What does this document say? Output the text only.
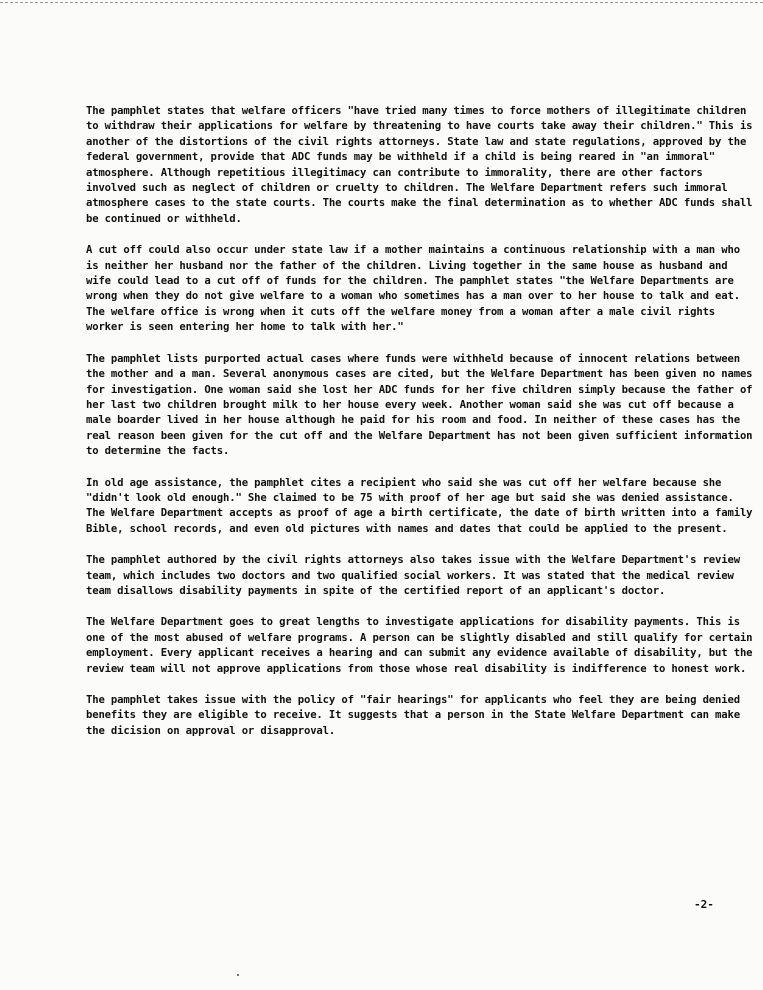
The pamphlet states that welfare officers "have tried many times to force mothers of illegitimate children to withdraw their applications for welfare by threatening to have courts take away their children." This is another of the distortions of the civil rights attorneys. State law and state regulations, approved by the federal government, provide that ADC funds may be withheld if a child is being reared in "an immoral" atmosphere. Although repetitious illegitimacy can contribute to immorality, there are other factors involved such as neglect of children or cruelty to children. The Welfare Department refers such immoral atmosphere cases to the state courts. The courts make the final determination as to whether ADC funds shall be continued or withheld.

A cut off could also occur under state law if a mother maintains a continuous relationship with a man who is neither her husband nor the father of the children. Living together in the same house as husband and wife could lead to a cut off of funds for the children. The pamphlet states "the Welfare Departments are wrong when they do not give welfare to a woman who sometimes has a man over to her house to talk and eat. The welfare office is wrong when it cuts off the welfare money from a woman after a male civil rights worker is seen entering her home to talk with her."

The pamphlet lists purported actual cases where funds were withheld because of innocent relations between the mother and a man. Several anonymous cases are cited, but the Welfare Department has been given no names for investigation. One woman said she lost her ADC funds for her five children simply because the father of her last two children brought milk to her house every week. Another woman said she was cut off because a male boarder lived in her house although he paid for his room and food. In neither of these cases has the real reason been given for the cut off and the Welfare Department has not been given sufficient information to determine the facts.

In old age assistance, the pamphlet cites a recipient who said she was cut off her welfare because she "didn't look old enough." She claimed to be 75 with proof of her age but said she was denied assistance. The Welfare Department accepts as proof of age a birth certificate, the date of birth written into a family Bible, school records, and even old pictures with names and dates that could be applied to the present.

The pamphlet authored by the civil rights attorneys also takes issue with the Welfare Department's review team, which includes two doctors and two qualified social workers. It was stated that the medical review team disallows disability payments in spite of the certified report of an applicant's doctor.

The Welfare Department goes to great lengths to investigate applications for disability payments. This is one of the most abused of welfare programs. A person can be slightly disabled and still qualify for certain employment. Every applicant receives a hearing and can submit any evidence available of disability, but the review team will not approve applications from those whose real disability is indifference to honest work.

The pamphlet takes issue with the policy of "fair hearings" for applicants who feel they are being denied benefits they are eligible to receive. It suggests that a person in the State Welfare Department can make the dicision on approval or disapproval.

-2-
